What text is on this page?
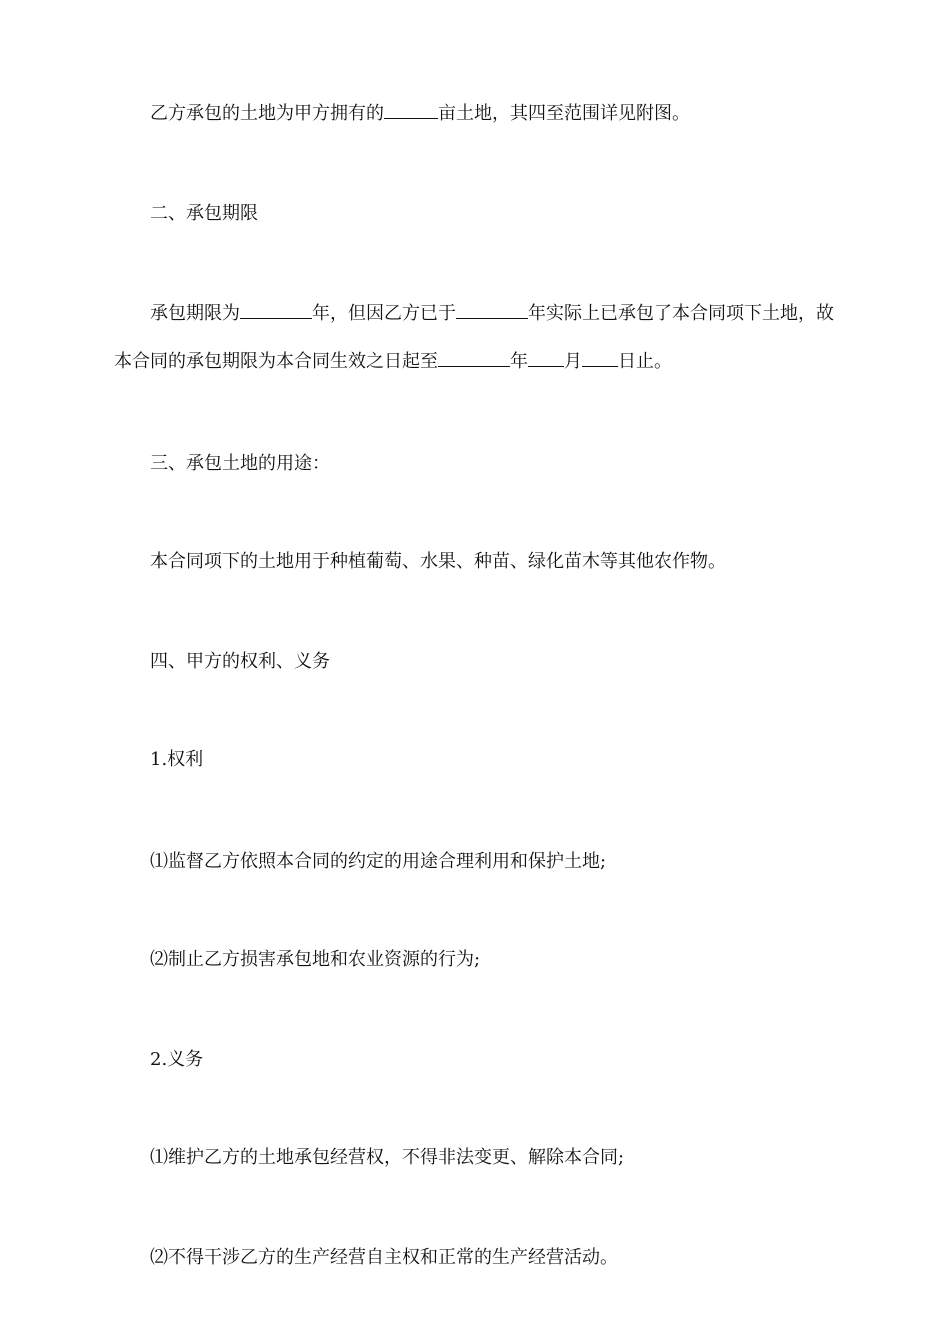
乙方承包的土地为甲方拥有的	亩土地，其四至范围详见附图。

二、承包期限

承包期限为	年，但因乙方已于	年实际上已承包了本合同项下土地，故本合同的承包期限为本合同生效之日起至	年 月 日止。

三、承包土地的用途：

本合同项下的土地用于种植葡萄、水果、种苗、绿化苗木等其他农作物。

四、甲方的权利、义务

1.权利

⑴监督乙方依照本合同的约定的用途合理利用和保护土地;

⑵制止乙方损害承包地和农业资源的行为;

2.义务

⑴维护乙方的土地承包经营权，不得非法变更、解除本合同;

⑵不得干涉乙方的生产经营自主权和正常的生产经营活动。
